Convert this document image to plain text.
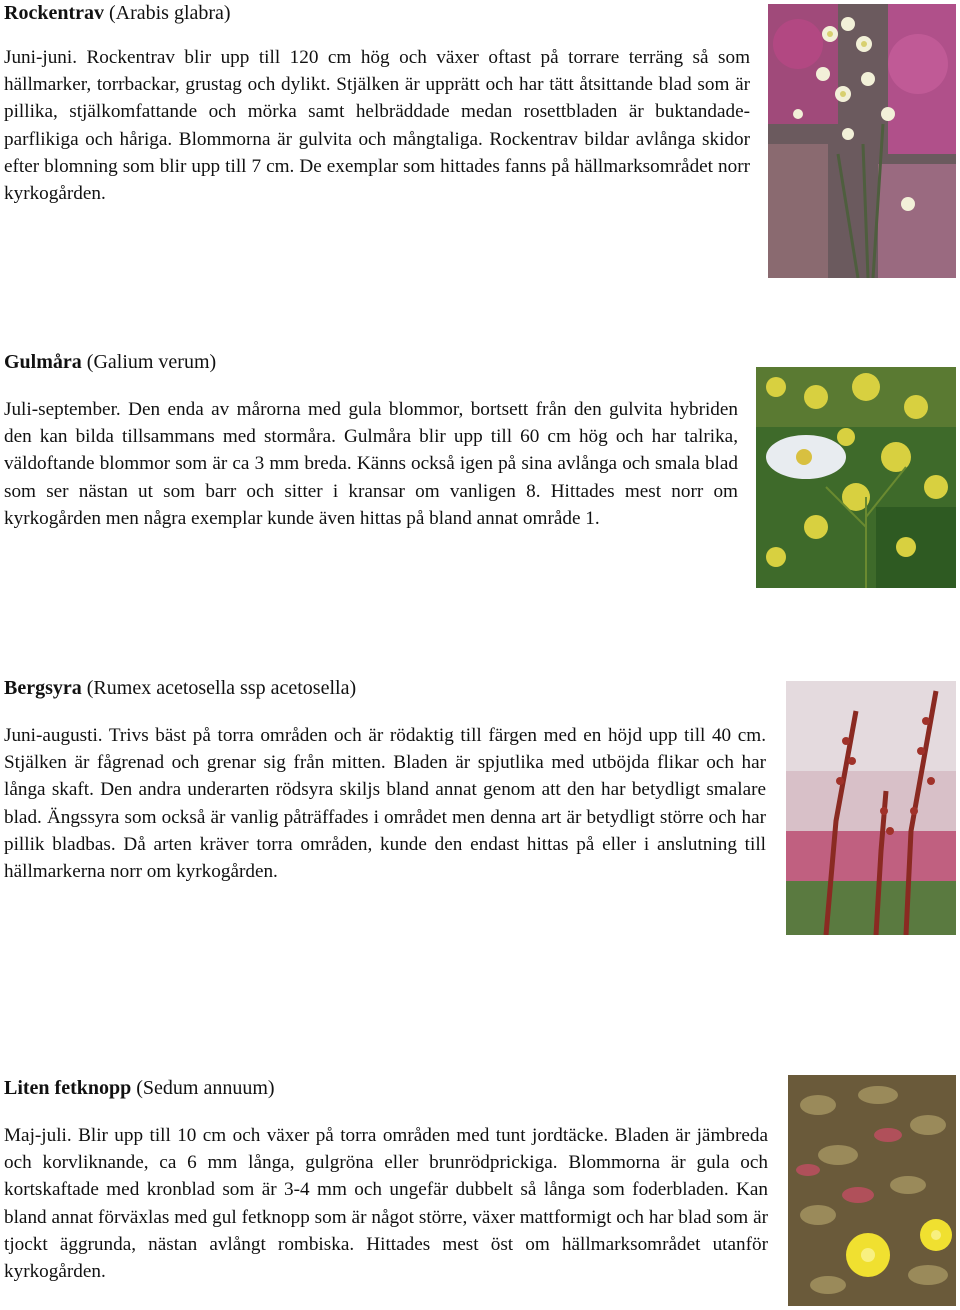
Rockentrav (Arabis glabra)

Juni-juni. Rockentrav blir upp till 120 cm hög och växer oftast på torrare terräng så som hällmarker, torrbackar, grustag och dylikt. Stjälken är upprätt och har tätt åtsittande blad som är pillika, stjälkomfattande och mörka samt helbräddade medan rosettbladen är buktandade-parflikiga och håriga. Blommorna är gulvita och mångtaliga. Rockentrav bildar avlånga skidor efter blomning som blir upp till 7 cm. De exemplar som hittades fanns på hällmarksområdet norr kyrkogården.

Gulmåra (Galium verum)

Juli-september. Den enda av mårorna med gula blommor, bortsett från den gulvita hybriden den kan bilda tillsammans med stormåra. Gulmåra blir upp till 60 cm hög och har talrika, väldoftande blommor som är ca 3 mm breda. Känns också igen på sina avlånga och smala blad som ser nästan ut som barr och sitter i kransar om vanligen 8. Hittades mest norr om kyrkogården men några exemplar kunde även hittas på bland annat område 1.

Bergsyra (Rumex acetosella ssp acetosella)

Juni-augusti. Trivs bäst på torra områden och är rödaktig till färgen med en höjd upp till 40 cm. Stjälken är fågrenad och grenar sig från mitten. Bladen är spjutlika med utböjda flikar och har långa skaft. Den andra underarten rödsyra skiljs bland annat genom att den har betydligt smalare blad. Ängssyra som också är vanlig påträffades i området men denna art är betydligt större och har pillik bladbas. Då arten kräver torra områden, kunde den endast hittas på eller i anslutning till hällmarkerna norr om kyrkogården.

Liten fetknopp (Sedum annuum)

Maj-juli. Blir upp till 10 cm och växer på torra områden med tunt jordtäcke. Bladen är jämbreda och korvliknande, ca 6 mm långa, gulgröna eller brunrödprickiga. Blommorna är gula och kortskaftade med kronblad som är 3-4 mm och ungefär dubbelt så långa som foderbladen. Kan bland annat förväxlas med gul fetknopp som är något större, växer mattformigt och har blad som är tjockt äggrunda, nästan avlångt rombiska. Hittades mest öst om hällmarksområdet utanför kyrkogården.
